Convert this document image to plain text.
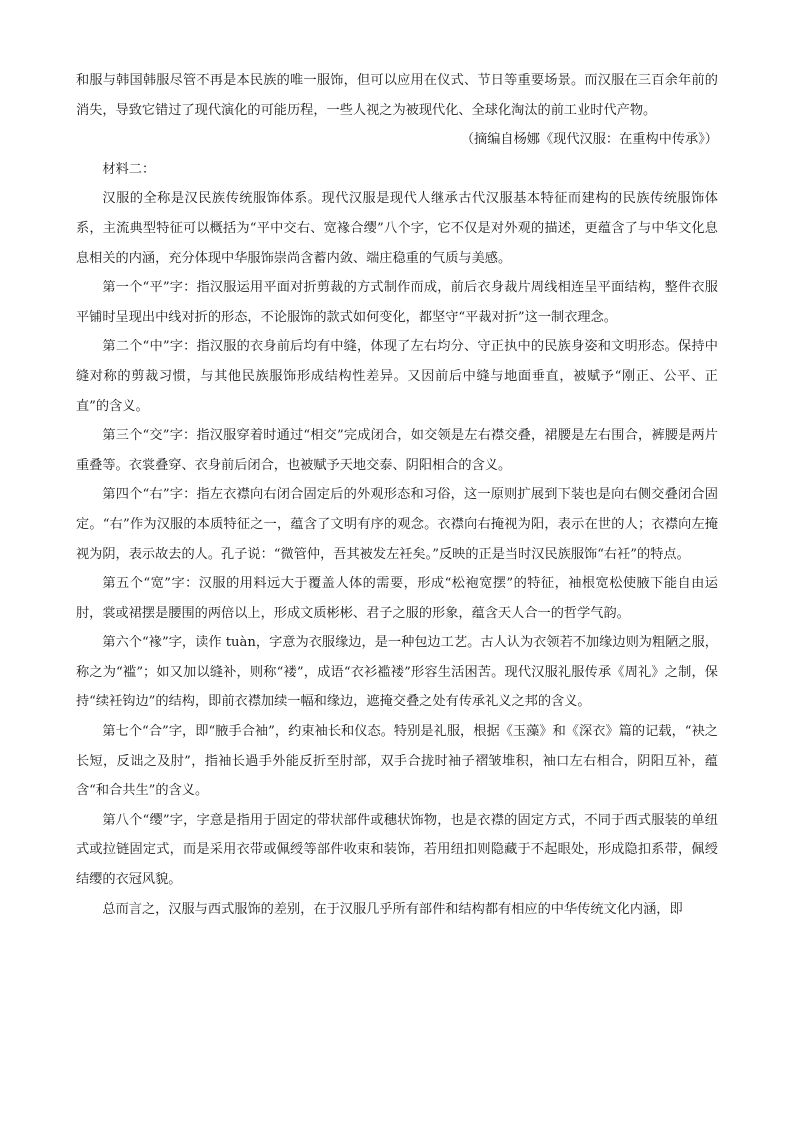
和服与韩国韩服尽管不再是本民族的唯一服饰，但可以应用在仪式、节日等重要场景。而汉服在三百余年前的消失，导致它错过了现代演化的可能历程，一些人视之为被现代化、全球化淘汰的前工业时代产物。

（摘编自杨娜《现代汉服：在重构中传承》）

材料二：

汉服的全称是汉民族传统服饰体系。现代汉服是现代人继承古代汉服基本特征而建构的民族传统服饰体系，主流典型特征可以概括为“平中交右、宽褖合缨”八个字，它不仅是对外观的描述，更蕴含了与中华文化息息相关的内涵，充分体现中华服饰崇尚含蓄内敛、端庄稳重的气质与美感。

第一个“平”字：指汉服运用平面对折剪裁的方式制作而成，前后衣身裁片周线相连呈平面结构，整件衣服平铺时呈现出中线对折的形态，不论服饰的款式如何变化，都坚守“平裁对折”这一制衣理念。

第二个“中”字：指汉服的衣身前后均有中缝，体现了左右均分、守正执中的民族身姿和文明形态。保持中缝对称的剪裁习惯，与其他民族服饰形成结构性差异。又因前后中缝与地面垂直，被赋予“刚正、公平、正直”的含义。

第三个“交”字：指汉服穿着时通过“相交”完成闭合，如交领是左右襟交叠，裙腰是左右围合，裤腰是两片重叠等。衣裳叠穿、衣身前后闭合，也被赋予天地交泰、阴阳相合的含义。

第四个“右”字：指左衣襟向右闭合固定后的外观形态和习俗，这一原则扩展到下装也是向右侧交叠闭合固定。“右”作为汉服的本质特征之一，蕴含了文明有序的观念。衣襟向右掩视为阳，表示在世的人；衣襟向左掩视为阴，表示故去的人。孔子说：“微管仲，吾其被发左衽矣。”反映的正是当时汉民族服饰“右衽”的特点。

第五个“宽”字：汉服的用料远大于覆盖人体的需要，形成“松袍宽摆”的特征，袖根宽松使腋下能自由运肘，裳或裙摆是腰围的两倍以上，形成文质彬彬、君子之服的形象，蕴含天人合一的哲学气韵。

第六个“褖”字，读作 tuàn，字意为衣服缘边，是一种包边工艺。古人认为衣领若不加缘边则为粗陋之服，称之为“褴”；如又加以缝补，则称“褛”，成语“衣衫褴褛”形容生活困苦。现代汉服礼服传承《周礼》之制，保持“续衽钩边”的结构，即前衣襟加续一幅和缘边，遮掩交叠之处有传承礼义之邦的含义。

第七个“合”字，即“腋手合袖”，约束袖长和仪态。特别是礼服，根据《玉藻》和《深衣》篇的记载，“袂之长短，反诎之及肘”，指袖长過手外能反折至肘部，双手合拢时袖子褶皱堆积，袖口左右相合，阴阳互补，蕴含“和合共生”的含义。

第八个“缨”字，字意是指用于固定的带状部件或穗状饰物，也是衣襟的固定方式，不同于西式服装的单纽式或拉链固定式，而是采用衣带或佩绶等部件收束和装饰，若用纽扣则隐藏于不起眼处，形成隐扣系带，佩绶结缨的衣冠风貌。

总而言之，汉服与西式服饰的差别，在于汉服几乎所有部件和结构都有相应的中华传统文化内涵，即
